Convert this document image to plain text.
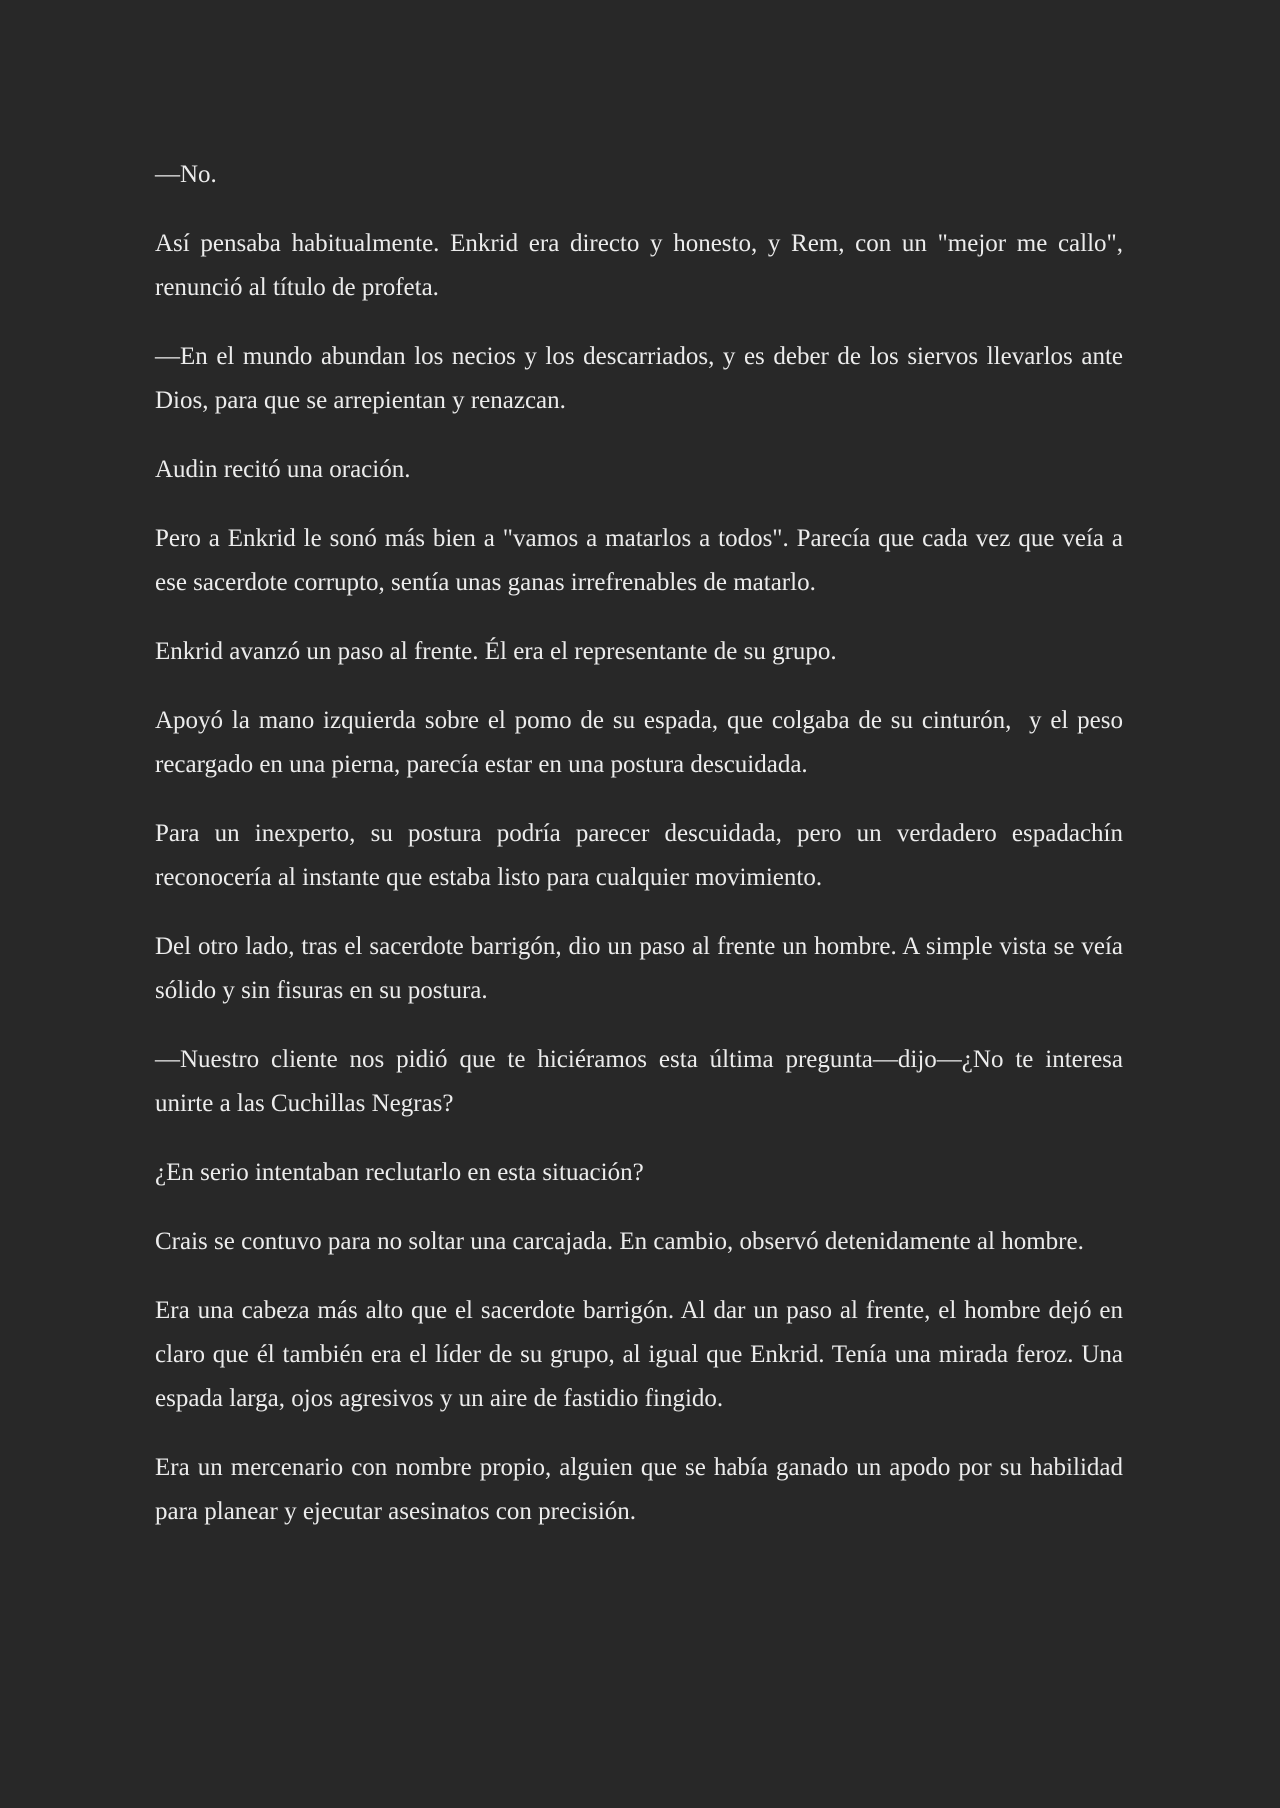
—No.

Así pensaba habitualmente. Enkrid era directo y honesto, y Rem, con un "mejor me callo", renunció al título de profeta.

—En el mundo abundan los necios y los descarriados, y es deber de los siervos llevarlos ante Dios, para que se arrepientan y renazcan.

Audin recitó una oración.

Pero a Enkrid le sonó más bien a "vamos a matarlos a todos". Parecía que cada vez que veía a ese sacerdote corrupto, sentía unas ganas irrefrenables de matarlo.

Enkrid avanzó un paso al frente. Él era el representante de su grupo.

Apoyó la mano izquierda sobre el pomo de su espada, que colgaba de su cinturón,  y el peso recargado en una pierna, parecía estar en una postura descuidada.

Para un inexperto, su postura podría parecer descuidada, pero un verdadero espadachín reconocería al instante que estaba listo para cualquier movimiento.

Del otro lado, tras el sacerdote barrigón, dio un paso al frente un hombre. A simple vista se veía sólido y sin fisuras en su postura.

—Nuestro cliente nos pidió que te hiciéramos esta última pregunta—dijo—¿No te interesa unirte a las Cuchillas Negras?

¿En serio intentaban reclutarlo en esta situación?

Crais se contuvo para no soltar una carcajada. En cambio, observó detenidamente al hombre.

Era una cabeza más alto que el sacerdote barrigón. Al dar un paso al frente, el hombre dejó en claro que él también era el líder de su grupo, al igual que Enkrid. Tenía una mirada feroz. Una espada larga, ojos agresivos y un aire de fastidio fingido.

Era un mercenario con nombre propio, alguien que se había ganado un apodo por su habilidad para planear y ejecutar asesinatos con precisión.
